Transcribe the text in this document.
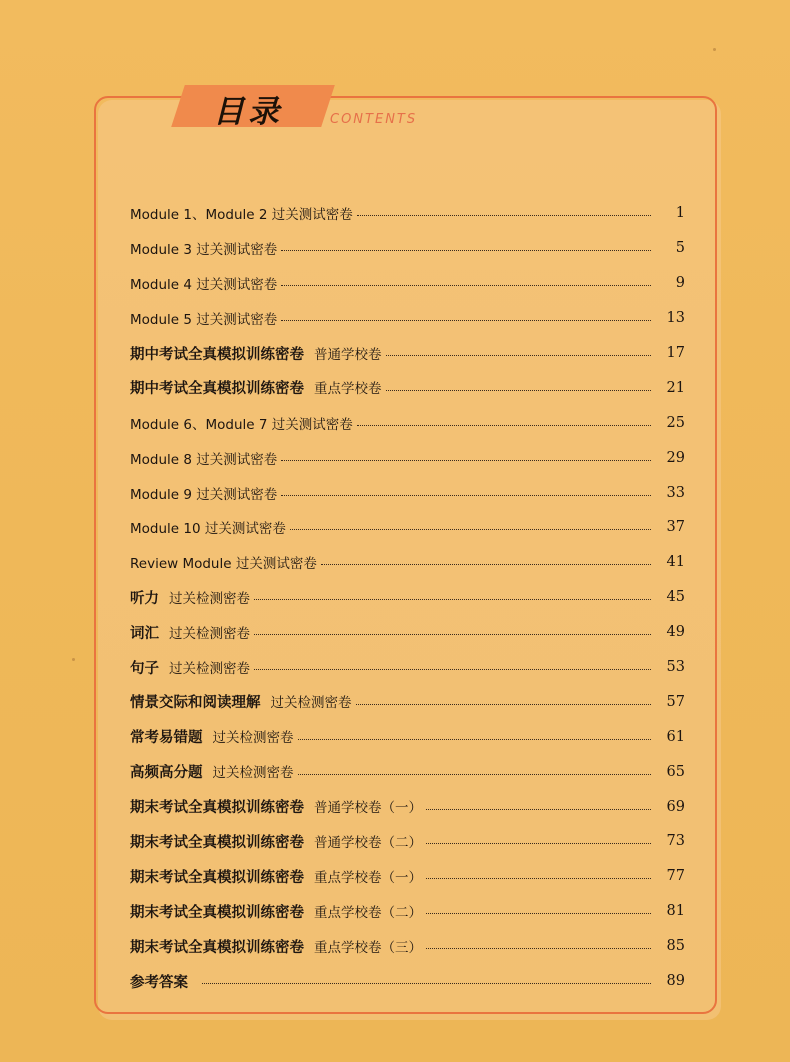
目录	CONTENTS
Module 1、Module 2 过关测试密卷	1
Module 3 过关测试密卷	5
Module 4 过关测试密卷	9
Module 5 过关测试密卷	13
期中考试全真模拟训练密卷 普通学校卷	17
期中考试全真模拟训练密卷 重点学校卷	21
Module 6、Module 7 过关测试密卷	25
Module 8 过关测试密卷	29
Module 9 过关测试密卷	33
Module 10 过关测试密卷	37
Review Module 过关测试密卷	41
听力 过关检测密卷	45
词汇 过关检测密卷	49
句子 过关检测密卷	53
情景交际和阅读理解 过关检测密卷	57
常考易错题 过关检测密卷	61
高频高分题 过关检测密卷	65
期末考试全真模拟训练密卷 普通学校卷（一）	69
期末考试全真模拟训练密卷 普通学校卷（二）	73
期末考试全真模拟训练密卷 重点学校卷（一）	77
期末考试全真模拟训练密卷 重点学校卷（二）	81
期末考试全真模拟训练密卷 重点学校卷（三）	85
参考答案	89
